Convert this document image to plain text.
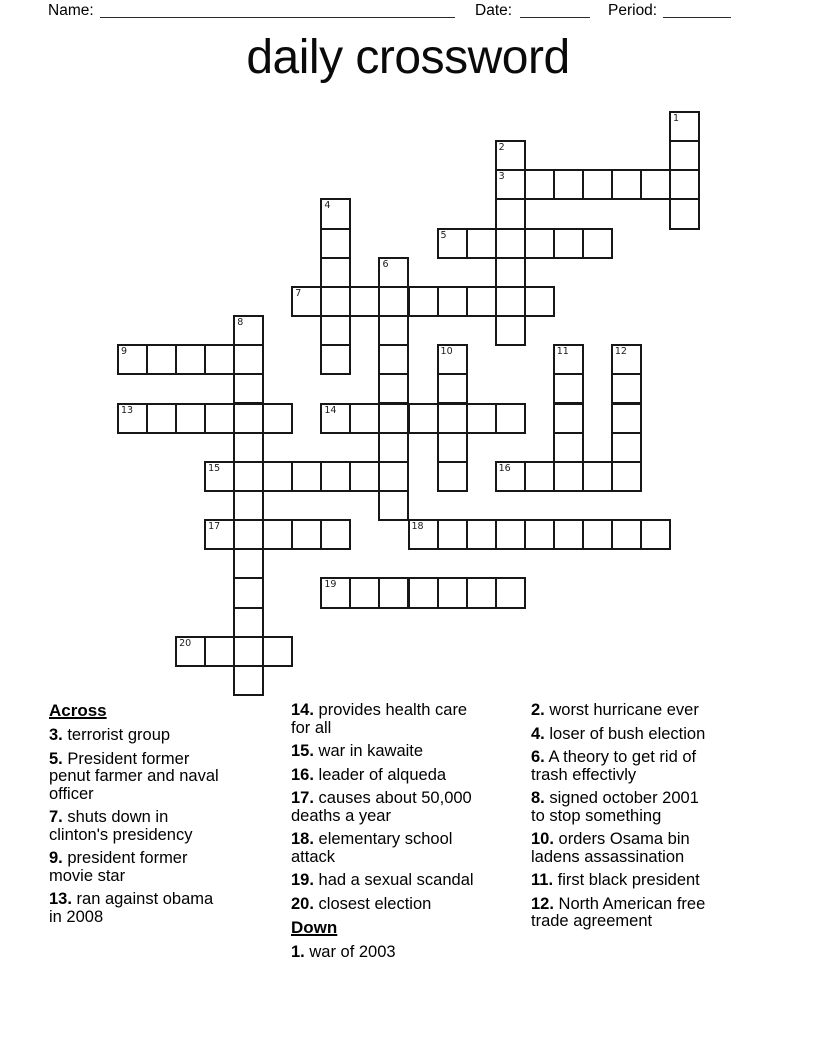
Name:	Date:	Period:
daily crossword
1
2
3
4
5
6
7
8
9	10	11	12
13	14
15	16
17	18
19
20

Across

3. terrorist group

5. President former penut farmer and naval officer

7. shuts down in clinton's presidency

9. president former movie star

13. ran against obama in 2008

14. provides health care for all

15. war in kawaite

16. leader of alqueda

17. causes about 50,000 deaths a year

18. elementary school attack

19. had a sexual scandal

20. closest election

Down

1. war of 2003

2. worst hurricane ever

4. loser of bush election

6. A theory to get rid of trash effectivly

8. signed october 2001 to stop something

10. orders Osama bin ladens assassination

11. first black president

12. North American free trade agreement
